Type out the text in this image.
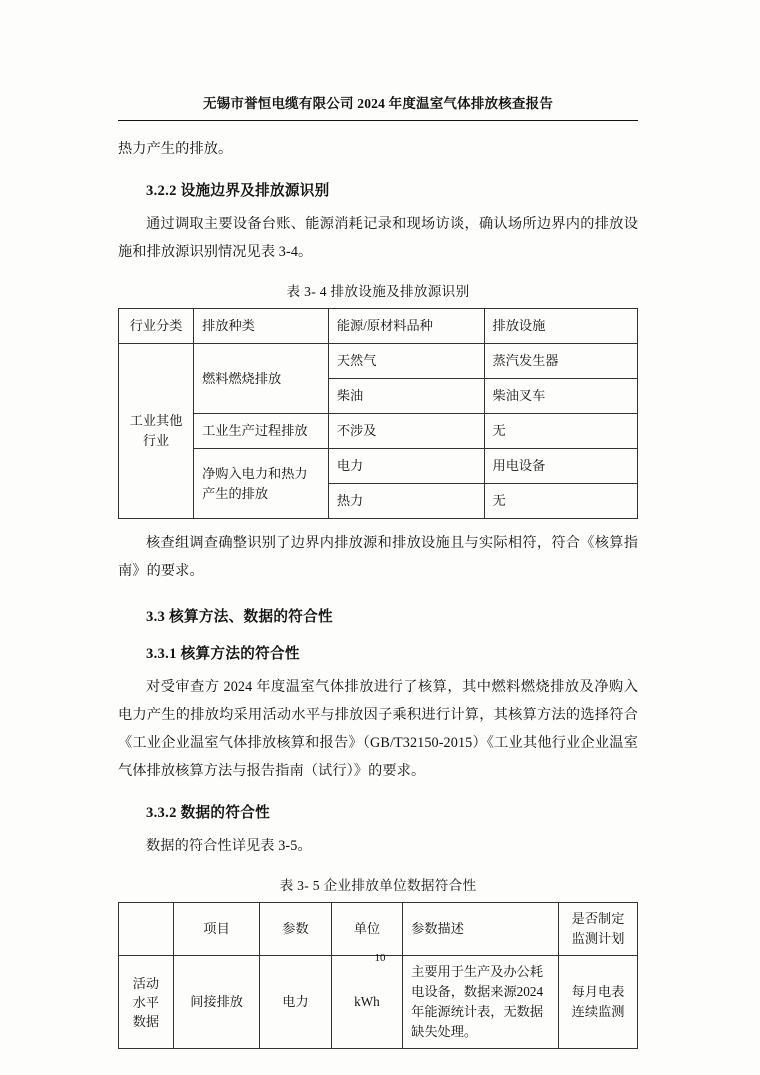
无锡市誉恒电缆有限公司 2024 年度温室气体排放核查报告

热力产生的排放。

3.2.2 设施边界及排放源识别

通过调取主要设备台账、能源消耗记录和现场访谈，确认场所边界内的排放设施和排放源识别情况见表 3-4。

表 3- 4 排放设施及排放源识别
行业分类	排放种类	能源/原材料品种	排放设施
工业其他行业	燃料燃烧排放	天然气	蒸汽发生器
		柴油	柴油叉车
	工业生产过程排放	不涉及	无
	净购入电力和热力产生的排放	电力	用电设备
		热力	无

核查组调查确整识别了边界内排放源和排放设施且与实际相符，符合《核算指南》的要求。

3.3 核算方法、数据的符合性
3.3.1 核算方法的符合性

对受审查方 2024 年度温室气体排放进行了核算，其中燃料燃烧排放及净购入电力产生的排放均采用活动水平与排放因子乘积进行计算，其核算方法的选择符合《工业企业温室气体排放核算和报告》（GB/T32150-2015）《工业其他行业企业温室气体排放核算方法与报告指南（试行）》的要求。

3.3.2 数据的符合性

数据的符合性详见表 3-5。

表 3- 5 企业排放单位数据符合性
	项目	参数	单位	参数描述	是否制定监测计划
活动水平数据	间接排放	电力	kWh	主要用于生产及办公耗电设备，数据来源2024 年能源统计表，无数据缺失处理。	每月电表连续监测
10
